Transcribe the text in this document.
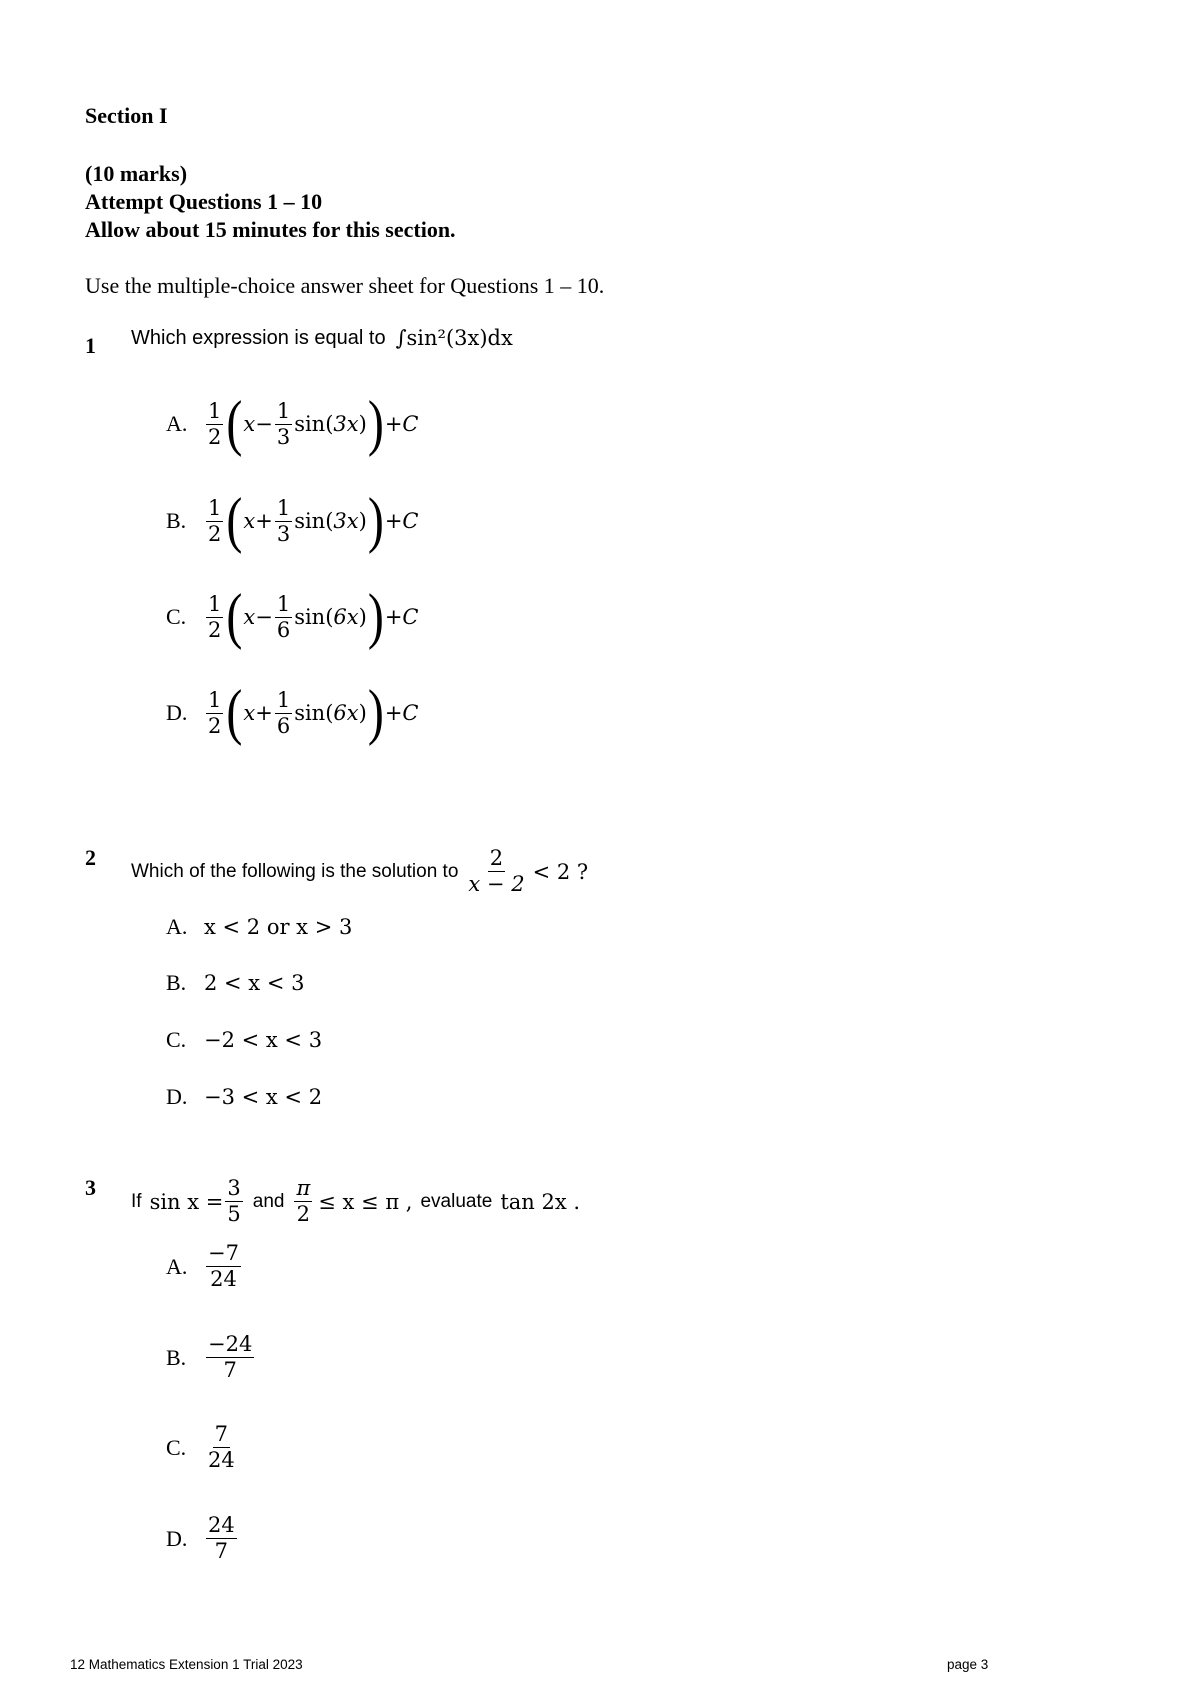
Section I
(10 marks)
Attempt Questions 1 – 10
Allow about 15 minutes for this section.
Use the multiple-choice answer sheet for Questions 1 – 10.
1 Which expression is equal to ∫sin²(3x)dx
A. $\frac{1}{2}$ ( $x - \frac{1}{3}$ sin ( 3x ) ) +C
B. $\frac{1}{2}$ ( $x + \frac{1}{3}$ sin ( 3x ) ) +C
C. $\frac{1}{2}$ ( $x - \frac{1}{6}$ sin ( 6x ) ) +C
D. $\frac{1}{2}$ ( $x + \frac{1}{6}$ sin ( 6x ) ) +C
2
Which of the following is the solution to $\frac{2}{x - 2} < 2$ ?
A. x < 2 or x > 3
B. 2 < x < 3
C. −2 < x < 3
D. −3 < x < 2
3
If $\sin x = \frac{3}{5}$ and $\frac{\pi}{2} \le x \le \pi$ , evaluate tan 2x .
A. $\frac{-7}{24}$
B. $\frac{-24}{7}$
C. $\frac{7}{24}$
D. $\frac{24}{7}$
12 Mathematics Extension 1 Trial 2023	page 3
